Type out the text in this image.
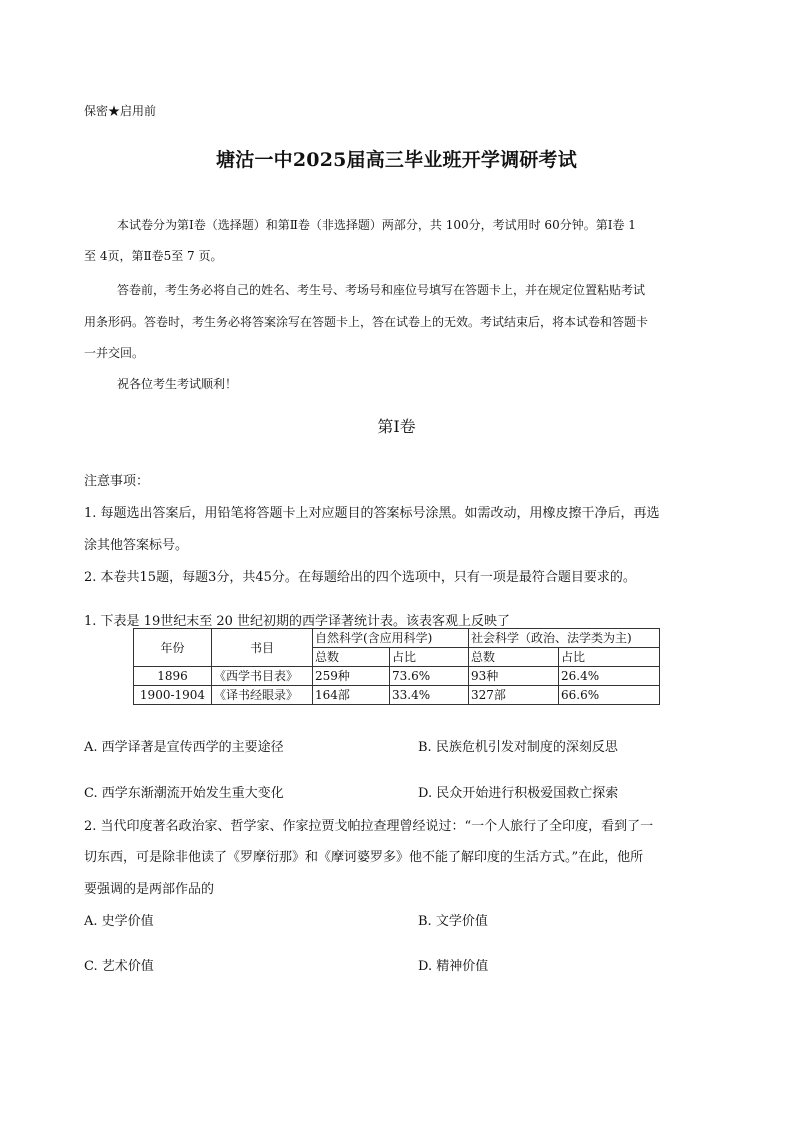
保密★启用前
塘沽一中2025届高三毕业班开学调研考试
本试卷分为第Ⅰ卷（选择题）和第Ⅱ卷（非选择题）两部分，共 100分，考试用时 60分钟。第Ⅰ卷 1
至 4页，第Ⅱ卷5至 7 页。
答卷前，考生务必将自己的姓名、考生号、考场号和座位号填写在答题卡上，并在规定位置粘贴考试
用条形码。答卷时，考生务必将答案涂写在答题卡上，答在试卷上的无效。考试结束后，将本试卷和答题卡
一并交回。
祝各位考生考试顺利！
第Ⅰ卷
注意事项：
1. 每题选出答案后，用铅笔将答题卡上对应题目的答案标号涂黑。如需改动，用橡皮擦干净后，再选
涂其他答案标号。
2. 本卷共15题，每题3分，共45分。在每题给出的四个选项中，只有一项是最符合题目要求的。
1. 下表是 19世纪末至 20 世纪初期的西学译著统计表。该表客观上反映了
年份	书目	自然科学(含应用科学)		社会科学（政治、法学类为主)	
		总数	占比	总数	占比
1896	《西学书目表》	259种	73.6%	93种	26.4%
1900-1904	《译书经眼录》	164部	33.4%	327部	66.6%
A. 西学译著是宣传西学的主要途径	B. 民族危机引发对制度的深刻反思
C. 西学东渐潮流开始发生重大变化	D. 民众开始进行积极爱国救亡探索
2. 当代印度著名政治家、哲学家、作家拉贾戈帕拉查理曾经说过：“一个人旅行了全印度，看到了一
切东西，可是除非他读了《罗摩衍那》和《摩诃婆罗多》他不能了解印度的生活方式。”在此，他所
要强调的是两部作品的
A. 史学价值	B. 文学价值
C. 艺术价值	D. 精神价值
